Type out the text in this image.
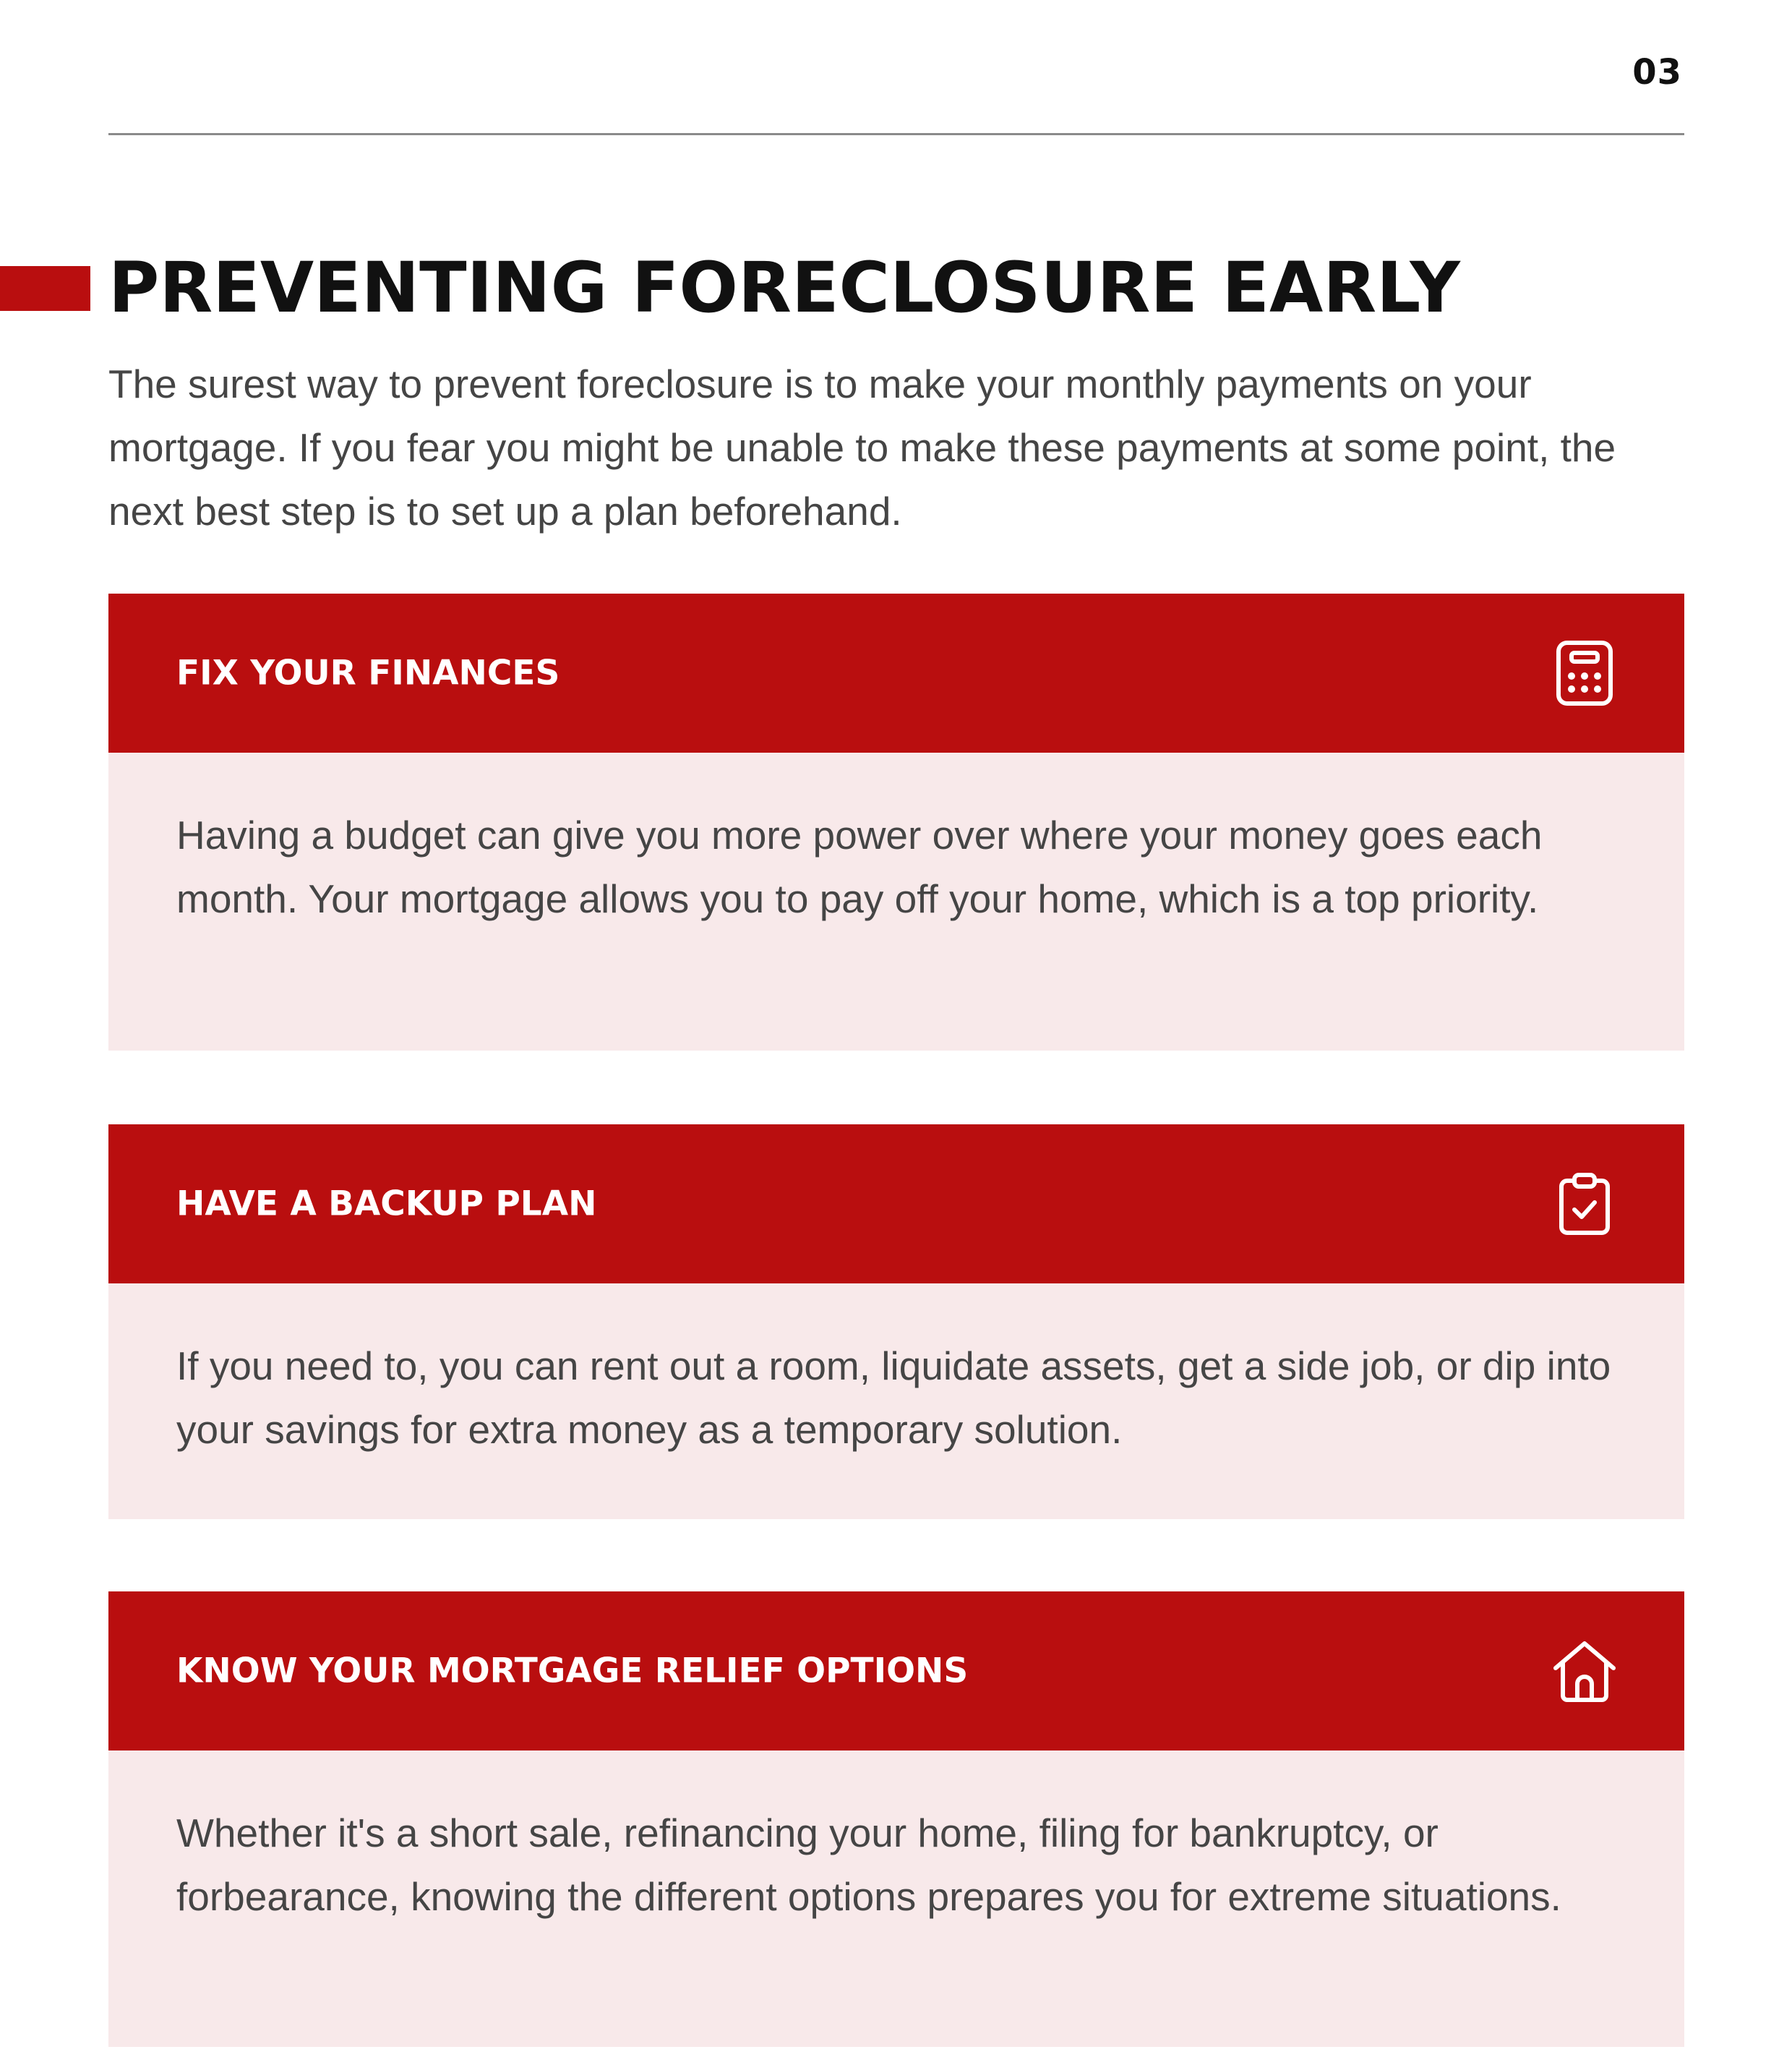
03
PREVENTING FORECLOSURE EARLY

The surest way to prevent foreclosure is to make your monthly payments on your mortgage. If you fear you might be unable to make these payments at some point, the next best step is to set up a plan beforehand.

FIX YOUR FINANCES

Having a budget can give you more power over where your money goes each month. Your mortgage allows you to pay off your home, which is a top priority.

HAVE A BACKUP PLAN

If you need to, you can rent out a room, liquidate assets, get a side job, or dip into your savings for extra money as a temporary solution.

KNOW YOUR MORTGAGE RELIEF OPTIONS

Whether it's a short sale, refinancing your home, filing for bankruptcy, or forbearance, knowing the different options prepares you for extreme situations.
